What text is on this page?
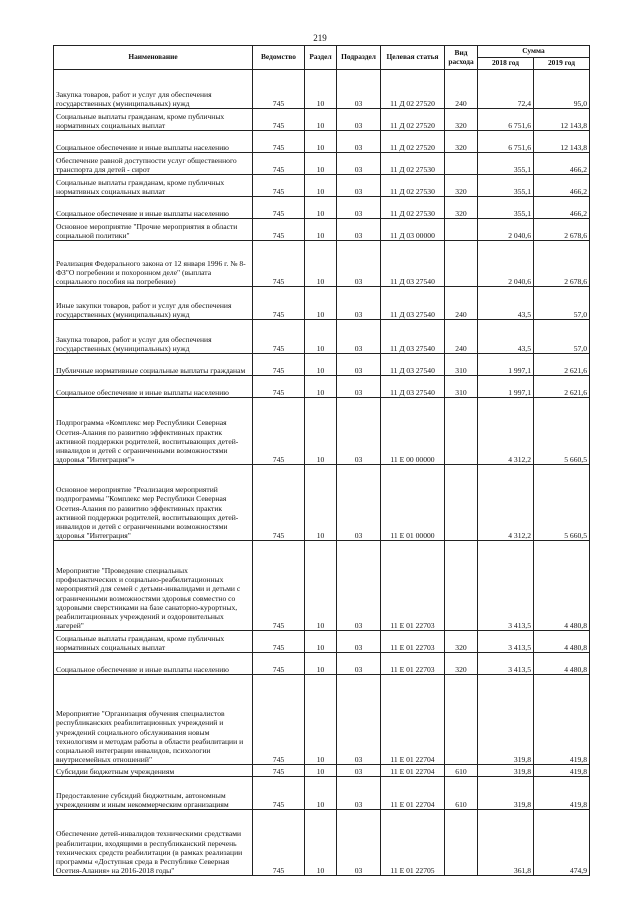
219
Наименование	Ведомство	Раздел	Подраздел	Целевая статья	Вид расхода	Сумма	
						2018 год	2019 год
Закупка товаров, работ и услуг для обеспечения государственных (муниципальных) нужд	745	10	03	11 Д 02 27520	240	72,4	95,0
Социальные выплаты гражданам, кроме публичных нормативных социальных выплат	745	10	03	11 Д 02 27520	320	6 751,6	12 143,8
Социальное обеспечение и иные выплаты населению	745	10	03	11 Д 02 27520	320	6 751,6	12 143,8
Обеспечение равной доступности услуг общественного транспорта для детей - сирот	745	10	03	11 Д 02 27530		355,1	466,2
Социальные выплаты гражданам, кроме публичных нормативных социальных выплат	745	10	03	11 Д 02 27530	320	355,1	466,2
Социальное обеспечение и иные выплаты населению	745	10	03	11 Д 02 27530	320	355,1	466,2
Основное мероприятие "Прочие мероприятия в области социальной политики"	745	10	03	11 Д 03 00000		2 040,6	2 678,6
Реализация Федерального закона от 12 января 1996 г. № 8-ФЗ"О погребении и похоронном деле" (выплата социального пособия на погребение)	745	10	03	11 Д 03 27540		2 040,6	2 678,6
Иные закупки товаров, работ и услуг для обеспечения государственных (муниципальных) нужд	745	10	03	11 Д 03 27540	240	43,5	57,0
Закупка товаров, работ и услуг для обеспечения государственных (муниципальных) нужд	745	10	03	11 Д 03 27540	240	43,5	57,0
Публичные нормативные социальные выплаты гражданам	745	10	03	11 Д 03 27540	310	1 997,1	2 621,6
Социальное обеспечение и иные выплаты населению	745	10	03	11 Д 03 27540	310	1 997,1	2 621,6
Подпрограмма «Комплекс мер Республики Северная Осетия-Алания по развитию эффективных практик активной поддержки родителей, воспитывающих детей-инвалидов и детей с ограниченными возможностями здоровья "Интеграция"»	745	10	03	11 Е 00 00000		4 312,2	5 660,5
Основное мероприятие "Реализация мероприятий подпрограммы "Комплекс мер Республики Северная Осетия-Алания по развитию эффективных практик активной поддержки родителей, воспитывающих детей-инвалидов и детей с ограниченными возможностями здоровья "Интеграция"	745	10	03	11 Е 01 00000		4 312,2	5 660,5
Мероприятие "Проведение специальных профилактических и социально-реабилитационных мероприятий для семей с детьми-инвалидами и детьми с ограниченными возможностями здоровья совместно со здоровыми сверстниками на базе санаторно-курортных, реабилитационных учреждений и оздоровительных лагерей"	745	10	03	11 Е 01 22703		3 413,5	4 480,8
Социальные выплаты гражданам, кроме публичных нормативных социальных выплат	745	10	03	11 Е 01 22703	320	3 413,5	4 480,8
Социальное обеспечение и иные выплаты населению	745	10	03	11 Е 01 22703	320	3 413,5	4 480,8
Мероприятие "Организация обучения специалистов республиканских реабилитационных учреждений и учреждений социального обслуживания новым технологиям и методам работы в области реабилитации и социальной интеграции инвалидов, психологии внутрисемейных отношений"	745	10	03	11 Е 01 22704		319,8	419,8
Субсидии бюджетным учреждениям	745	10	03	11 Е 01 22704	610	319,8	419,8
Предоставление субсидий бюджетным, автономным учреждениям и иным некоммерческим организациям	745	10	03	11 Е 01 22704	610	319,8	419,8
Обеспечение детей-инвалидов техническими средствами реабилитации, входящими в республиканский перечень технических средств реабилитации (в рамках реализации программы «Доступная среда в Республике Северная Осетия-Алания» на 2016-2018 годы"	745	10	03	11 Е 01 22705		361,8	474,9
